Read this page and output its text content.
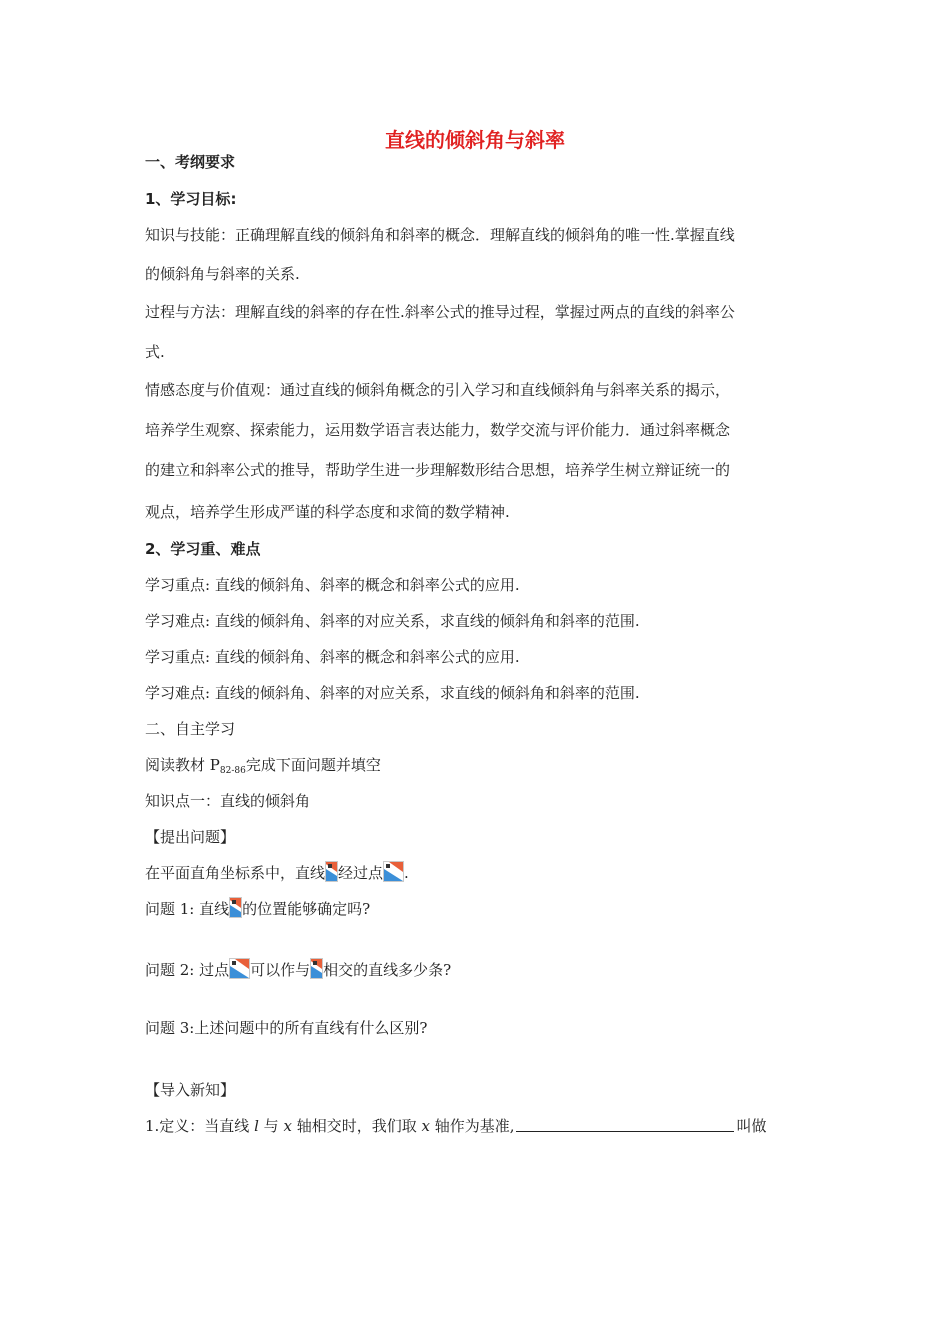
直线的倾斜角与斜率
一、考纲要求
1、学习目标:
知识与技能：正确理解直线的倾斜角和斜率的概念．理解直线的倾斜角的唯一性.掌握直线
的倾斜角与斜率的关系.
过程与方法：理解直线的斜率的存在性.斜率公式的推导过程，掌握过两点的直线的斜率公
式.
情感态度与价值观：通过直线的倾斜角概念的引入学习和直线倾斜角与斜率关系的揭示，
培养学生观察、探索能力，运用数学语言表达能力，数学交流与评价能力．通过斜率概念
的建立和斜率公式的推导，帮助学生进一步理解数形结合思想，培养学生树立辩证统一的
观点，培养学生形成严谨的科学态度和求简的数学精神.
2、学习重、难点
学习重点: 直线的倾斜角、斜率的概念和斜率公式的应用.
学习难点: 直线的倾斜角、斜率的对应关系，求直线的倾斜角和斜率的范围.
学习重点: 直线的倾斜角、斜率的概念和斜率公式的应用.
学习难点: 直线的倾斜角、斜率的对应关系，求直线的倾斜角和斜率的范围.
二、自主学习
阅读教材 $P_{82-86}$完成下面问题并填空
知识点一：直线的倾斜角
【提出问题】
在平面直角坐标系中，直线 经过点 .
问题 1: 直线 的位置能够确定吗?
问题 2: 过点 可以作与 相交的直线多少条?
问题 3:上述问题中的所有直线有什么区别?
【导入新知】
1.定义：当直线 l 与 x 轴相交时，我们取 x 轴作为基准,	叫做
